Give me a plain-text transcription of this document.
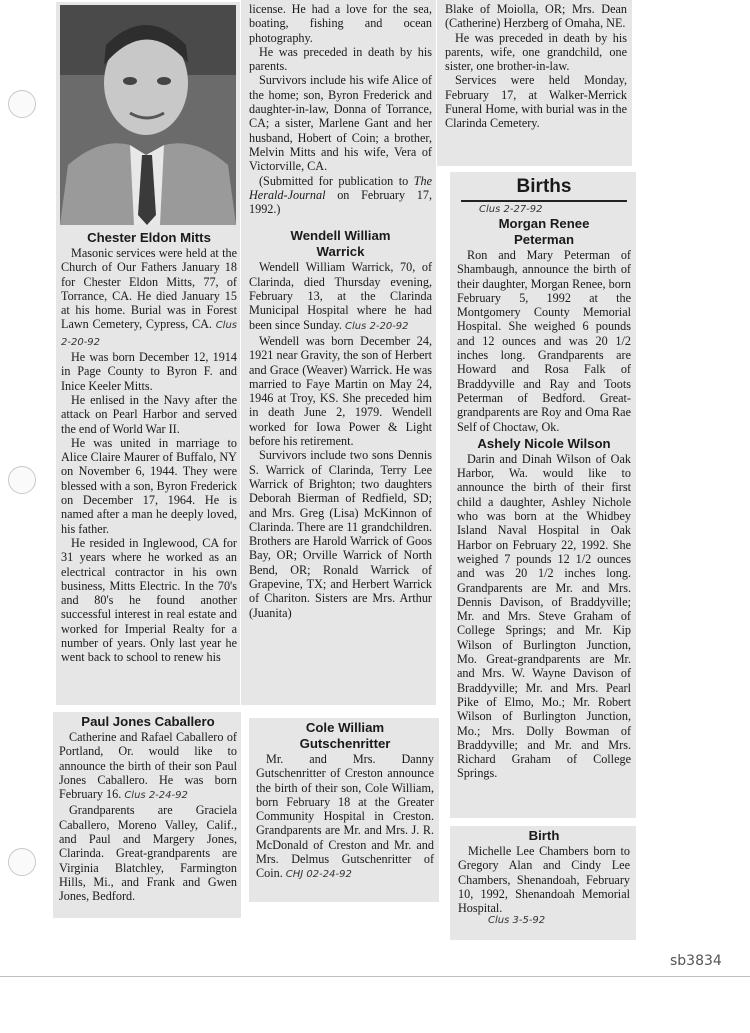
Chester Eldon Mitts

Masonic services were held at the Church of Our Fathers January 18 for Chester Eldon Mitts, 77, of Torrance, CA. He died January 15 at his home. Burial was in Forest Lawn Cemetery, Cypress, CA. Clus 2-20-92

He was born December 12, 1914 in Page County to Byron F. and Inice Keeler Mitts.

He enlised in the Navy after the attack on Pearl Harbor and served the end of World War II.

He was united in marriage to Alice Claire Maurer of Buffalo, NY on November 6, 1944. They were blessed with a son, Byron Frederick on December 17, 1964. He is named after a man he deeply loved, his father.

He resided in Inglewood, CA for 31 years where he worked as an electrical contractor in his own business, Mitts Electric. In the 70's and 80's he found another successful interest in real estate and worked for Imperial Realty for a number of years. Only last year he went back to school to renew his

license. He had a love for the sea, boating, fishing and ocean photography.

He was preceded in death by his parents.

Survivors include his wife Alice of the home; son, Byron Frederick and daughter-in-law, Donna of Torrance, CA; a sister, Marlene Gant and her husband, Hobert of Coin; a brother, Melvin Mitts and his wife, Vera of Victorville, CA.

(Submitted for publication to The Herald-Journal on February 17, 1992.)

Wendell William Warrick

Wendell William Warrick, 70, of Clarinda, died Thursday evening, February 13, at the Clarinda Municipal Hospital where he had been since Sunday. Clus 2-20-92

Wendell was born December 24, 1921 near Gravity, the son of Herbert and Grace (Weaver) Warrick. He was married to Faye Martin on May 24, 1946 at Troy, KS. She preceded him in death June 2, 1979. Wendell worked for Iowa Power & Light before his retirement.

Survivors include two sons Dennis S. Warrick of Clarinda, Terry Lee Warrick of Brighton; two daughters Deborah Bierman of Redfield, SD; and Mrs. Greg (Lisa) McKinnon of Clarinda. There are 11 grandchildren. Brothers are Harold Warrick of Goos Bay, OR; Orville Warrick of North Bend, OR; Ronald Warrick of Grapevine, TX; and Herbert Warrick of Chariton. Sisters are Mrs. Arthur (Juanita)

Blake of Moiolla, OR; Mrs. Dean (Catherine) Herzberg of Omaha, NE.

He was preceded in death by his parents, wife, one grandchild, one sister, one brother-in-law.

Services were held Monday, February 17, at Walker-Merrick Funeral Home, with burial was in the Clarinda Cemetery.

Births
Clus 2-27-92
Morgan Renee Peterman

Ron and Mary Peterman of Shambaugh, announce the birth of their daughter, Morgan Renee, born February 5, 1992 at the Montgomery County Memorial Hospital. She weighed 6 pounds and 12 ounces and was 20 1/2 inches long. Grandparents are Howard and Rosa Falk of Braddyville and Ray and Toots Peterman of Bedford. Great-grandparents are Roy and Oma Rae Self of Choctaw, Ok.

Ashely Nicole Wilson

Darin and Dinah Wilson of Oak Harbor, Wa. would like to announce the birth of their first child a daughter, Ashley Nichole who was born at the Whidbey Island Naval Hospital in Oak Harbor on February 22, 1992. She weighed 7 pounds 12 1/2 ounces and was 20 1/2 inches long. Grandparents are Mr. and Mrs. Dennis Davison, of Braddyville; Mr. and Mrs. Steve Graham of College Springs; and Mr. Kip Wilson of Burlington Junction, Mo. Great-grandparents are Mr. and Mrs. W. Wayne Davison of Braddyville; Mr. and Mrs. Pearl Pike of Elmo, Mo.; Mr. Robert Wilson of Burlington Junction, Mo.; Mrs. Dolly Bowman of Braddyville; and Mr. and Mrs. Richard Graham of College Springs.

Paul Jones Caballero

Catherine and Rafael Caballero of Portland, Or. would like to announce the birth of their son Paul Jones Caballero. He was born February 16. Clus 2-24-92

Grandparents are Graciela Caballero, Moreno Valley, Calif., and Paul and Margery Jones, Clarinda. Great-grandparents are Virginia Blatchley, Farmington Hills, Mi., and Frank and Gwen Jones, Bedford.

Cole William Gutschenritter

Mr. and Mrs. Danny Gutschenritter of Creston announce the birth of their son, Cole William, born February 18 at the Greater Community Hospital in Creston. Grandparents are Mr. and Mrs. J. R. McDonald of Creston and Mr. and Mrs. Delmus Gutschenritter of Coin. CHJ 02-24-92

Birth

Michelle Lee Chambers born to Gregory Alan and Cindy Lee Chambers, Shenandoah, February 10, 1992, Shenandoah Memorial Hospital.

Clus 3-5-92
sb3834
